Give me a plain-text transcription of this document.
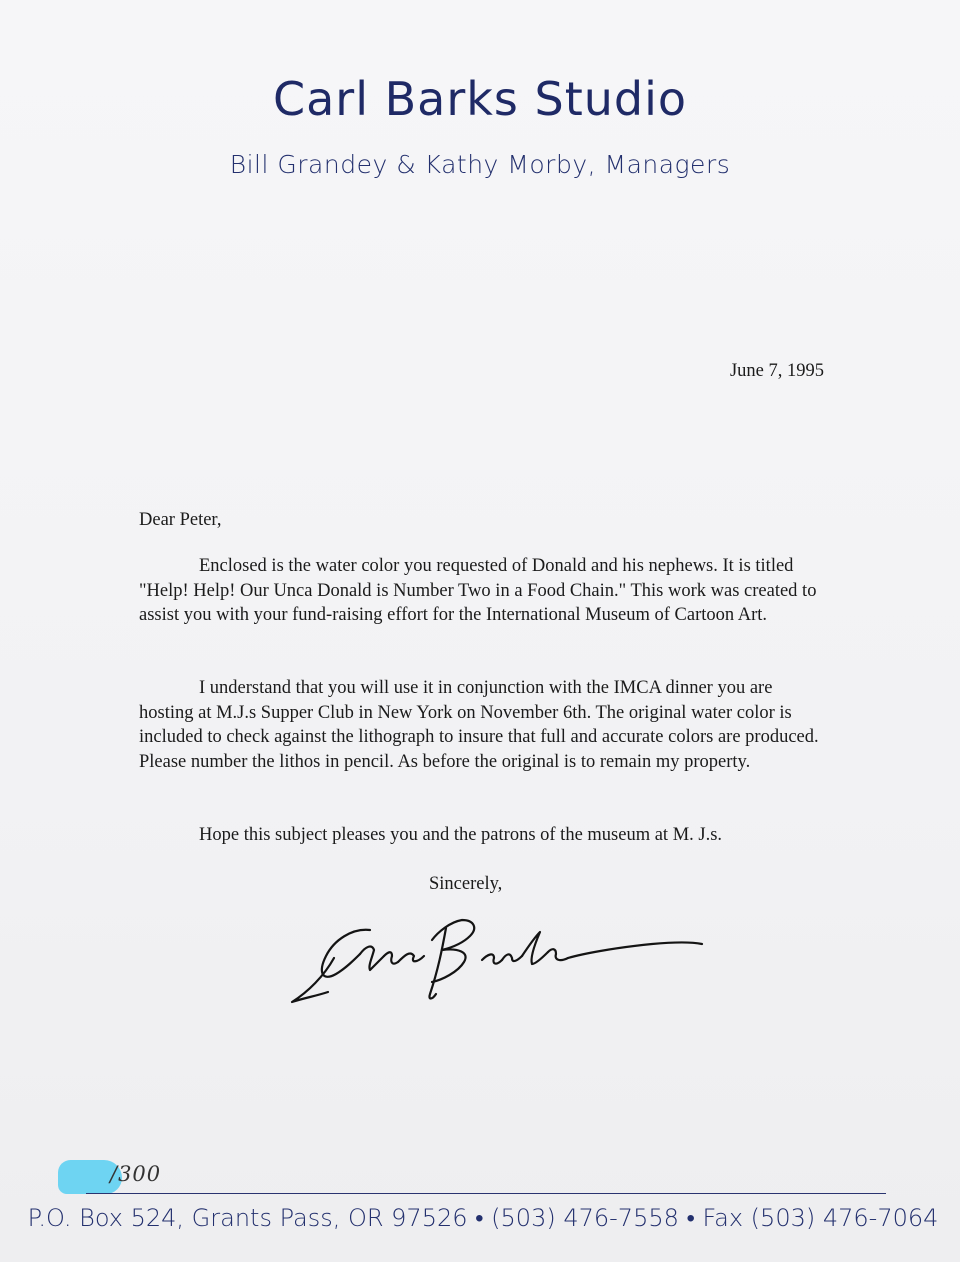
Carl Barks Studio
Bill Grandey & Kathy Morby, Managers
June 7, 1995
Dear Peter,

Enclosed is the water color you requested of Donald and his nephews. It is titled "Help! Help! Our Unca Donald is Number Two in a Food Chain." This work was created to assist you with your fund-raising effort for the International Museum of Cartoon Art.

I understand that you will use it in conjunction with the IMCA dinner you are hosting at M.J.s Supper Club in New York on November 6th. The original water color is included to check against the lithograph to insure that full and accurate colors are produced. Please number the lithos in pencil. As before the original is to remain my property.

Hope this subject pleases you and the patrons of the museum at M. J.s.

Sincerely,
/300
P.O. Box 524, Grants Pass, OR 97526 • (503) 476-7558 • Fax (503) 476-7064
